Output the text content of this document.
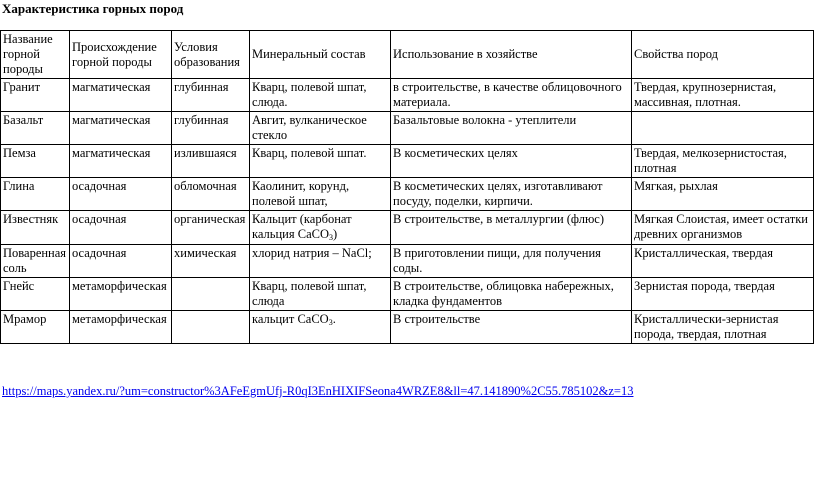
Характеристика горных пород
Название горной породы	Происхождение горной породы	Условия образования	Минеральный состав	Использование в хозяйстве	Свойства пород
Гранит	магматическая	глубинная	Кварц, полевой шпат, слюда.	в строительстве, в качестве облицовочного материала.	Твердая, крупнозернистая, массивная, плотная.
Базальт	магматическая	глубинная	Авгит, вулканическое стекло	Базальтовые волокна - утеплители	
Пемза	магматическая	излившаяся	Кварц, полевой шпат.	В косметических целях	Твердая, мелкозернистостая, плотная
Глина	осадочная	обломочная	Каолинит, корунд, полевой шпат,	В косметических целях, изготавливают посуду, поделки, кирпичи.	Мягкая, рыхлая
Известняк	осадочная	органическая	Кальцит (карбонат кальция CaCO3)	В строительстве, в металлургии (флюс)	Мягкая Слоистая, имеет остатки древних организмов
Поваренная соль	осадочная	химическая	хлорид натрия – NaCl;	В приготовлении пищи, для получения соды.	Кристаллическая, твердая
Гнейс	метаморфическая		Кварц, полевой шпат, слюда	В строительстве, облицовка набережных, кладка фундаментов	Зернистая порода, твердая
Мрамор	метаморфическая		кальцит CaCO3.	В строительстве	Кристаллически-зернистая порода, твердая, плотная
https://maps.yandex.ru/?um=constructor%3AFeEgmUfj-R0qI3EnHIXIFSeona4WRZE8&ll=47.141890%2C55.785102&z=13
